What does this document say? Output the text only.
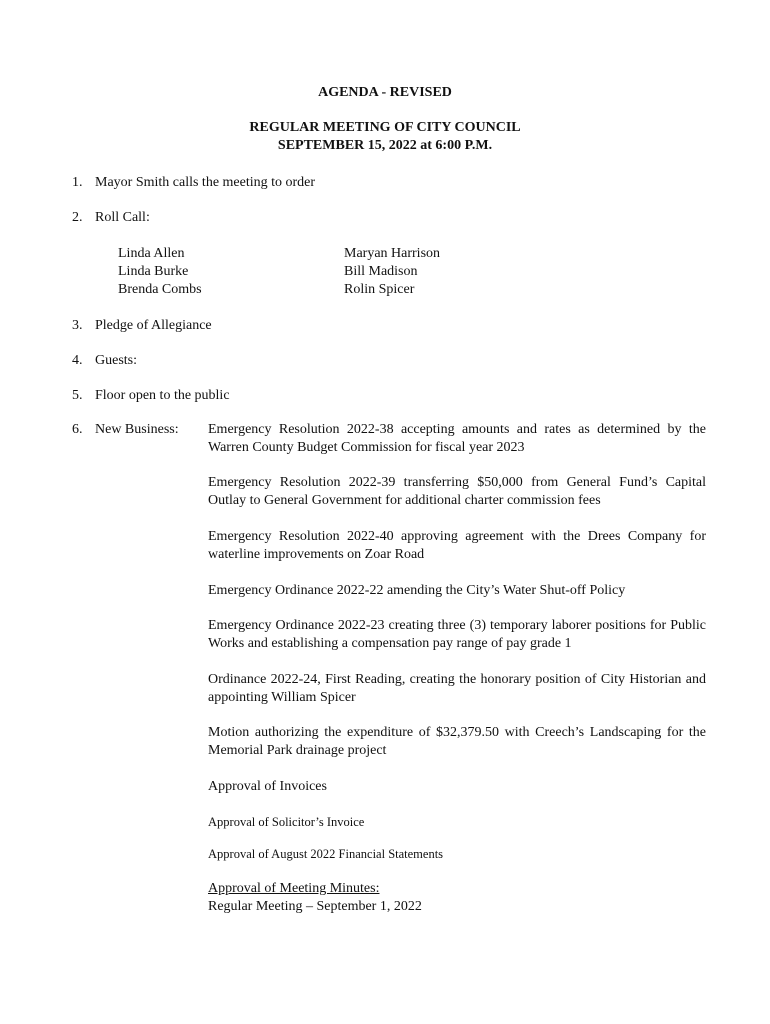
AGENDA - REVISED
REGULAR MEETING OF CITY COUNCIL
SEPTEMBER 15, 2022 at 6:00 P.M.
1. Mayor Smith calls the meeting to order
2. Roll Call:
Linda Allen
Linda Burke
Brenda Combs
Maryan Harrison
Bill Madison
Rolin Spicer
3. Pledge of Allegiance
4. Guests:
5. Floor open to the public
6. New Business: Emergency Resolution 2022-38 accepting amounts and rates as determined by the Warren County Budget Commission for fiscal year 2023
Emergency Resolution 2022-39 transferring $50,000 from General Fund’s Capital Outlay to General Government for additional charter commission fees
Emergency Resolution 2022-40 approving agreement with the Drees Company for waterline improvements on Zoar Road
Emergency Ordinance 2022-22 amending the City’s Water Shut-off Policy
Emergency Ordinance 2022-23 creating three (3) temporary laborer positions for Public Works and establishing a compensation pay range of pay grade 1
Ordinance 2022-24, First Reading, creating the honorary position of City Historian and appointing William Spicer
Motion authorizing the expenditure of $32,379.50 with Creech’s Landscaping for the Memorial Park drainage project
Approval of Invoices
Approval of Solicitor’s Invoice
Approval of August 2022 Financial Statements
Approval of Meeting Minutes:
Regular Meeting – September 1, 2022
